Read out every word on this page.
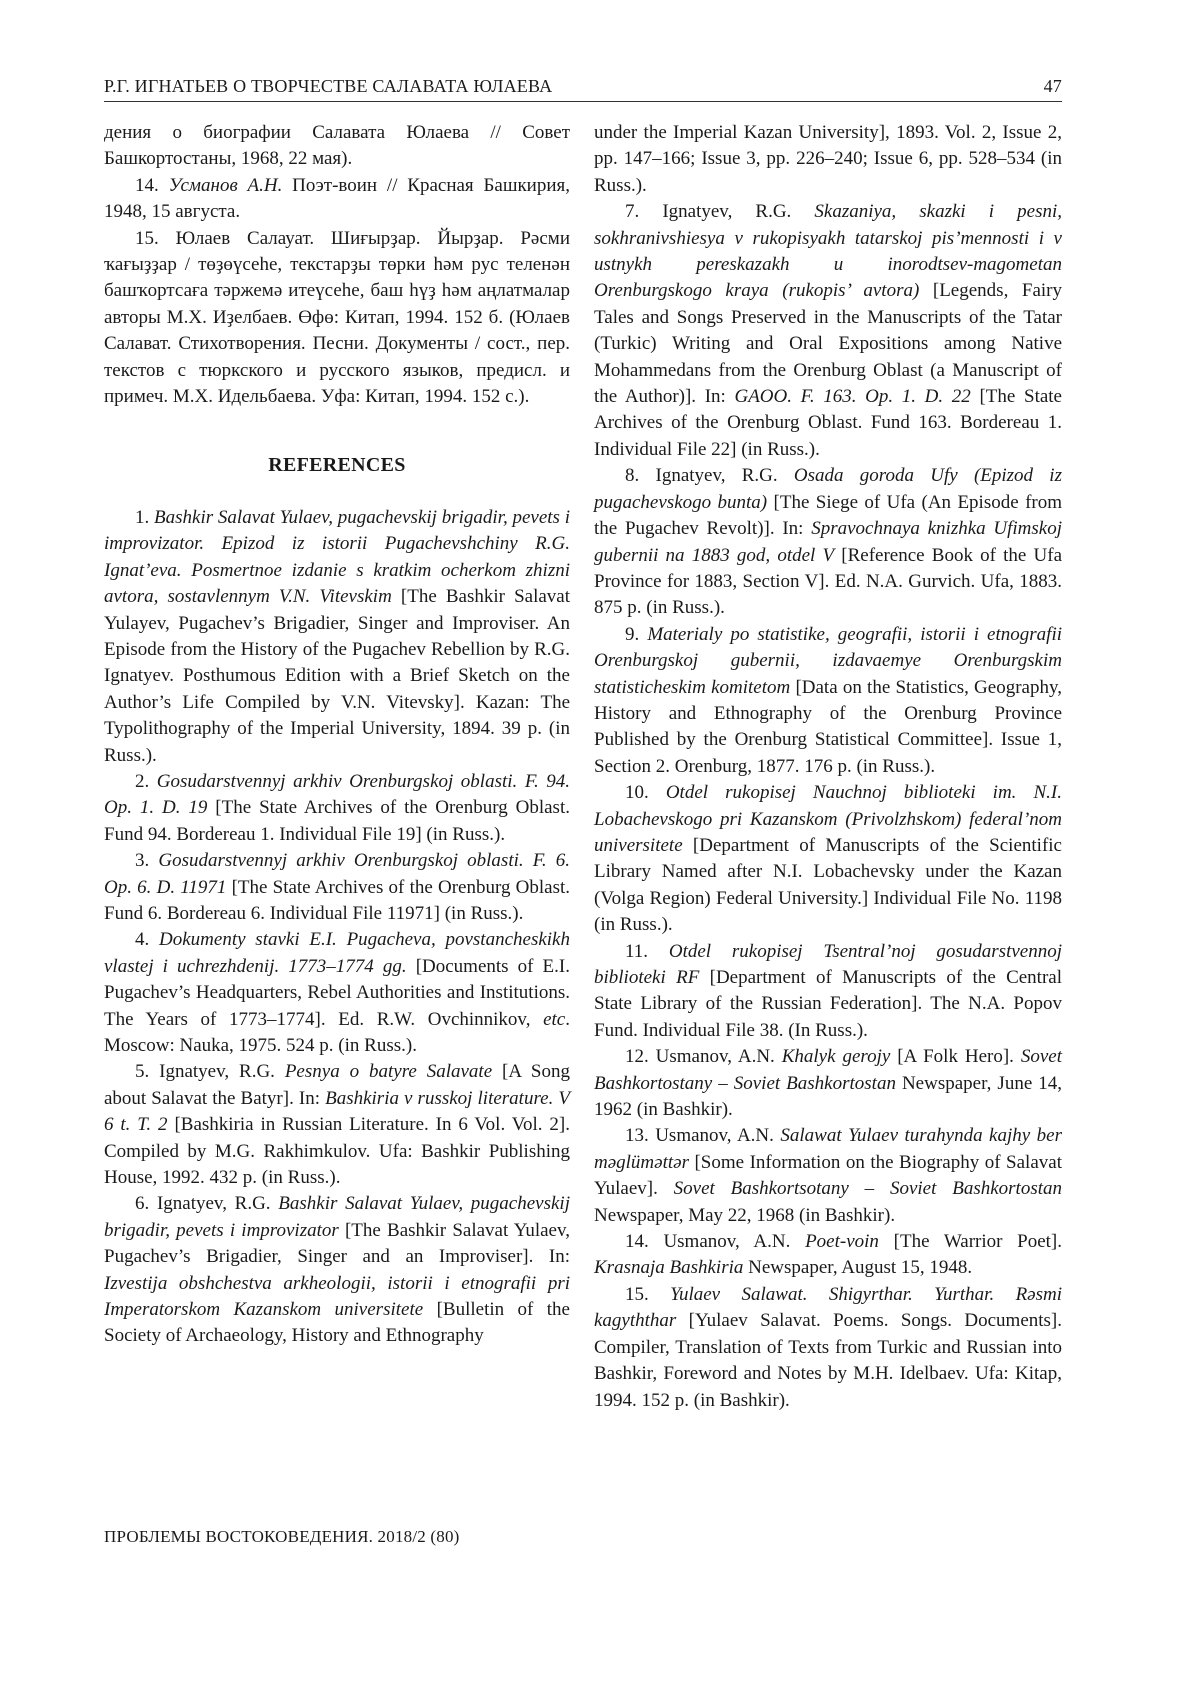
Р.Г. ИГНАТЬЕВ О ТВОРЧЕСТВЕ САЛАВАТА ЮЛАЕВА	47

дения о биографии Салавата Юлаева // Совет Башкортостаны, 1968, 22 мая).

14. Усманов А.Н. Поэт-воин // Красная Башкирия, 1948, 15 августа.

15. Юлаев Салауат. Шиғырҙар. Йырҙар. Рәсми ҡағыҙҙар / төҙөүсеһе, текстарҙы төрки һәм рус теленән башҡортсаға тәржемә итеүсеһе, баш һүҙ һәм аңлатмалар авторы М.Х. Иҙелбаев. Өфө: Китап, 1994. 152 б. (Юлаев Салават. Стихотворения. Песни. Документы / сост., пер. текстов с тюркского и русского языков, предисл. и примеч. М.Х. Идельбаева. Уфа: Китап, 1994. 152 с.).

REFERENCES

1. Bashkir Salavat Yulaev, pugachevskij brigadir, pevets i improvizator. Epizod iz istorii Pugachevshchiny R.G. Ignat’eva. Posmertnoe izdanie s kratkim ocherkom zhizni avtora, sostavlennym V.N. Vitevskim [The Bashkir Salavat Yulayev, Pugachev’s Brigadier, Singer and Improviser. An Episode from the History of the Pugachev Rebellion by R.G. Ignatyev. Posthumous Edition with a Brief Sketch on the Author’s Life Compiled by V.N. Vitevsky]. Kazan: The Typolithography of the Imperial University, 1894. 39 p. (in Russ.).

2. Gosudarstvennyj arkhiv Orenburgskoj oblasti. F. 94. Op. 1. D. 19 [The State Archives of the Orenburg Oblast. Fund 94. Bordereau 1. Individual File 19] (in Russ.).

3. Gosudarstvennyj arkhiv Orenburgskoj oblasti. F. 6. Op. 6. D. 11971 [The State Archives of the Orenburg Oblast. Fund 6. Bordereau 6. Individual File 11971] (in Russ.).

4. Dokumenty stavki E.I. Pugacheva, povstancheskikh vlastej i uchrezhdenij. 1773–1774 gg. [Documents of E.I. Pugachev’s Headquarters, Rebel Authorities and Institutions. The Years of 1773–1774]. Ed. R.W. Ovchinnikov, etc. Moscow: Nauka, 1975. 524 p. (in Russ.).

5. Ignatyev, R.G. Pesnya o batyre Salavate [A Song about Salavat the Batyr]. In: Bashkiria v russkoj literature. V 6 t. T. 2 [Bashkiria in Russian Literature. In 6 Vol. Vol. 2]. Compiled by M.G. Rakhimkulov. Ufa: Bashkir Publishing House, 1992. 432 p. (in Russ.).

6. Ignatyev, R.G. Bashkir Salavat Yulaev, pugachevskij brigadir, pevets i improvizator [The Bashkir Salavat Yulaev, Pugachev’s Brigadier, Singer and an Improviser]. In: Izvestija obshchestva arkheologii, istorii i etnografii pri Imperatorskom Kazanskom universitete [Bulletin of the Society of Archaeology, History and Ethnography

under the Imperial Kazan University], 1893. Vol. 2, Issue 2, pp. 147–166; Issue 3, pp. 226–240; Issue 6, pp. 528–534 (in Russ.).

7. Ignatyev, R.G. Skazaniya, skazki i pesni, sokhranivshiesya v rukopisyakh tatarskoj pis’mennosti i v ustnykh pereskazakh u inorodtsev-magometan Orenburgskogo kraya (rukopis’ avtora) [Legends, Fairy Tales and Songs Preserved in the Manuscripts of the Tatar (Turkic) Writing and Oral Expositions among Native Mohammedans from the Orenburg Oblast (a Manuscript of the Author)]. In: GAOO. F. 163. Op. 1. D. 22 [The State Archives of the Orenburg Oblast. Fund 163. Bordereau 1. Individual File 22] (in Russ.).

8. Ignatyev, R.G. Osada goroda Ufy (Epizod iz pugachevskogo bunta) [The Siege of Ufa (An Episode from the Pugachev Revolt)]. In: Spravochnaya knizhka Ufimskoj gubernii na 1883 god, otdel V [Reference Book of the Ufa Province for 1883, Section V]. Ed. N.A. Gurvich. Ufa, 1883. 875 p. (in Russ.).

9. Materialy po statistike, geografii, istorii i etnografii Orenburgskoj gubernii, izdavaemye Orenburgskim statisticheskim komitetom [Data on the Statistics, Geography, History and Ethnography of the Orenburg Province Published by the Orenburg Statistical Committee]. Issue 1, Section 2. Orenburg, 1877. 176 p. (in Russ.).

10. Otdel rukopisej Nauchnoj biblioteki im. N.I. Lobachevskogo pri Kazanskom (Privolzhskom) federal’nom universitete [Department of Manuscripts of the Scientific Library Named after N.I. Lobachevsky under the Kazan (Volga Region) Federal University.] Individual File No. 1198 (in Russ.).

11. Otdel rukopisej Tsentral’noj gosudarstvennoj biblioteki RF [Department of Manuscripts of the Central State Library of the Russian Federation]. The N.A. Popov Fund. Individual File 38. (In Russ.).

12. Usmanov, A.N. Khalyk gerojy [A Folk Hero]. Sovet Bashkortostany – Soviet Bashkortostan Newspaper, June 14, 1962 (in Bashkir).

13. Usmanov, A.N. Salawat Yulaev turahynda kajhy ber məglüməttər [Some Information on the Biography of Salavat Yulaev]. Sovet Bashkortsotany – Soviet Bashkortostan Newspaper, May 22, 1968 (in Bashkir).

14. Usmanov, A.N. Poet-voin [The Warrior Poet]. Krasnaja Bashkiria Newspaper, August 15, 1948.

15. Yulaev Salawat. Shigyrthar. Yurthar. Rəsmi kagyththar [Yulaev Salavat. Poems. Songs. Documents]. Compiler, Translation of Texts from Turkic and Russian into Bashkir, Foreword and Notes by M.H. Idelbaev. Ufa: Kitap, 1994. 152 p. (in Bashkir).

ПРОБЛЕМЫ ВОСТОКОВЕДЕНИЯ. 2018/2 (80)
